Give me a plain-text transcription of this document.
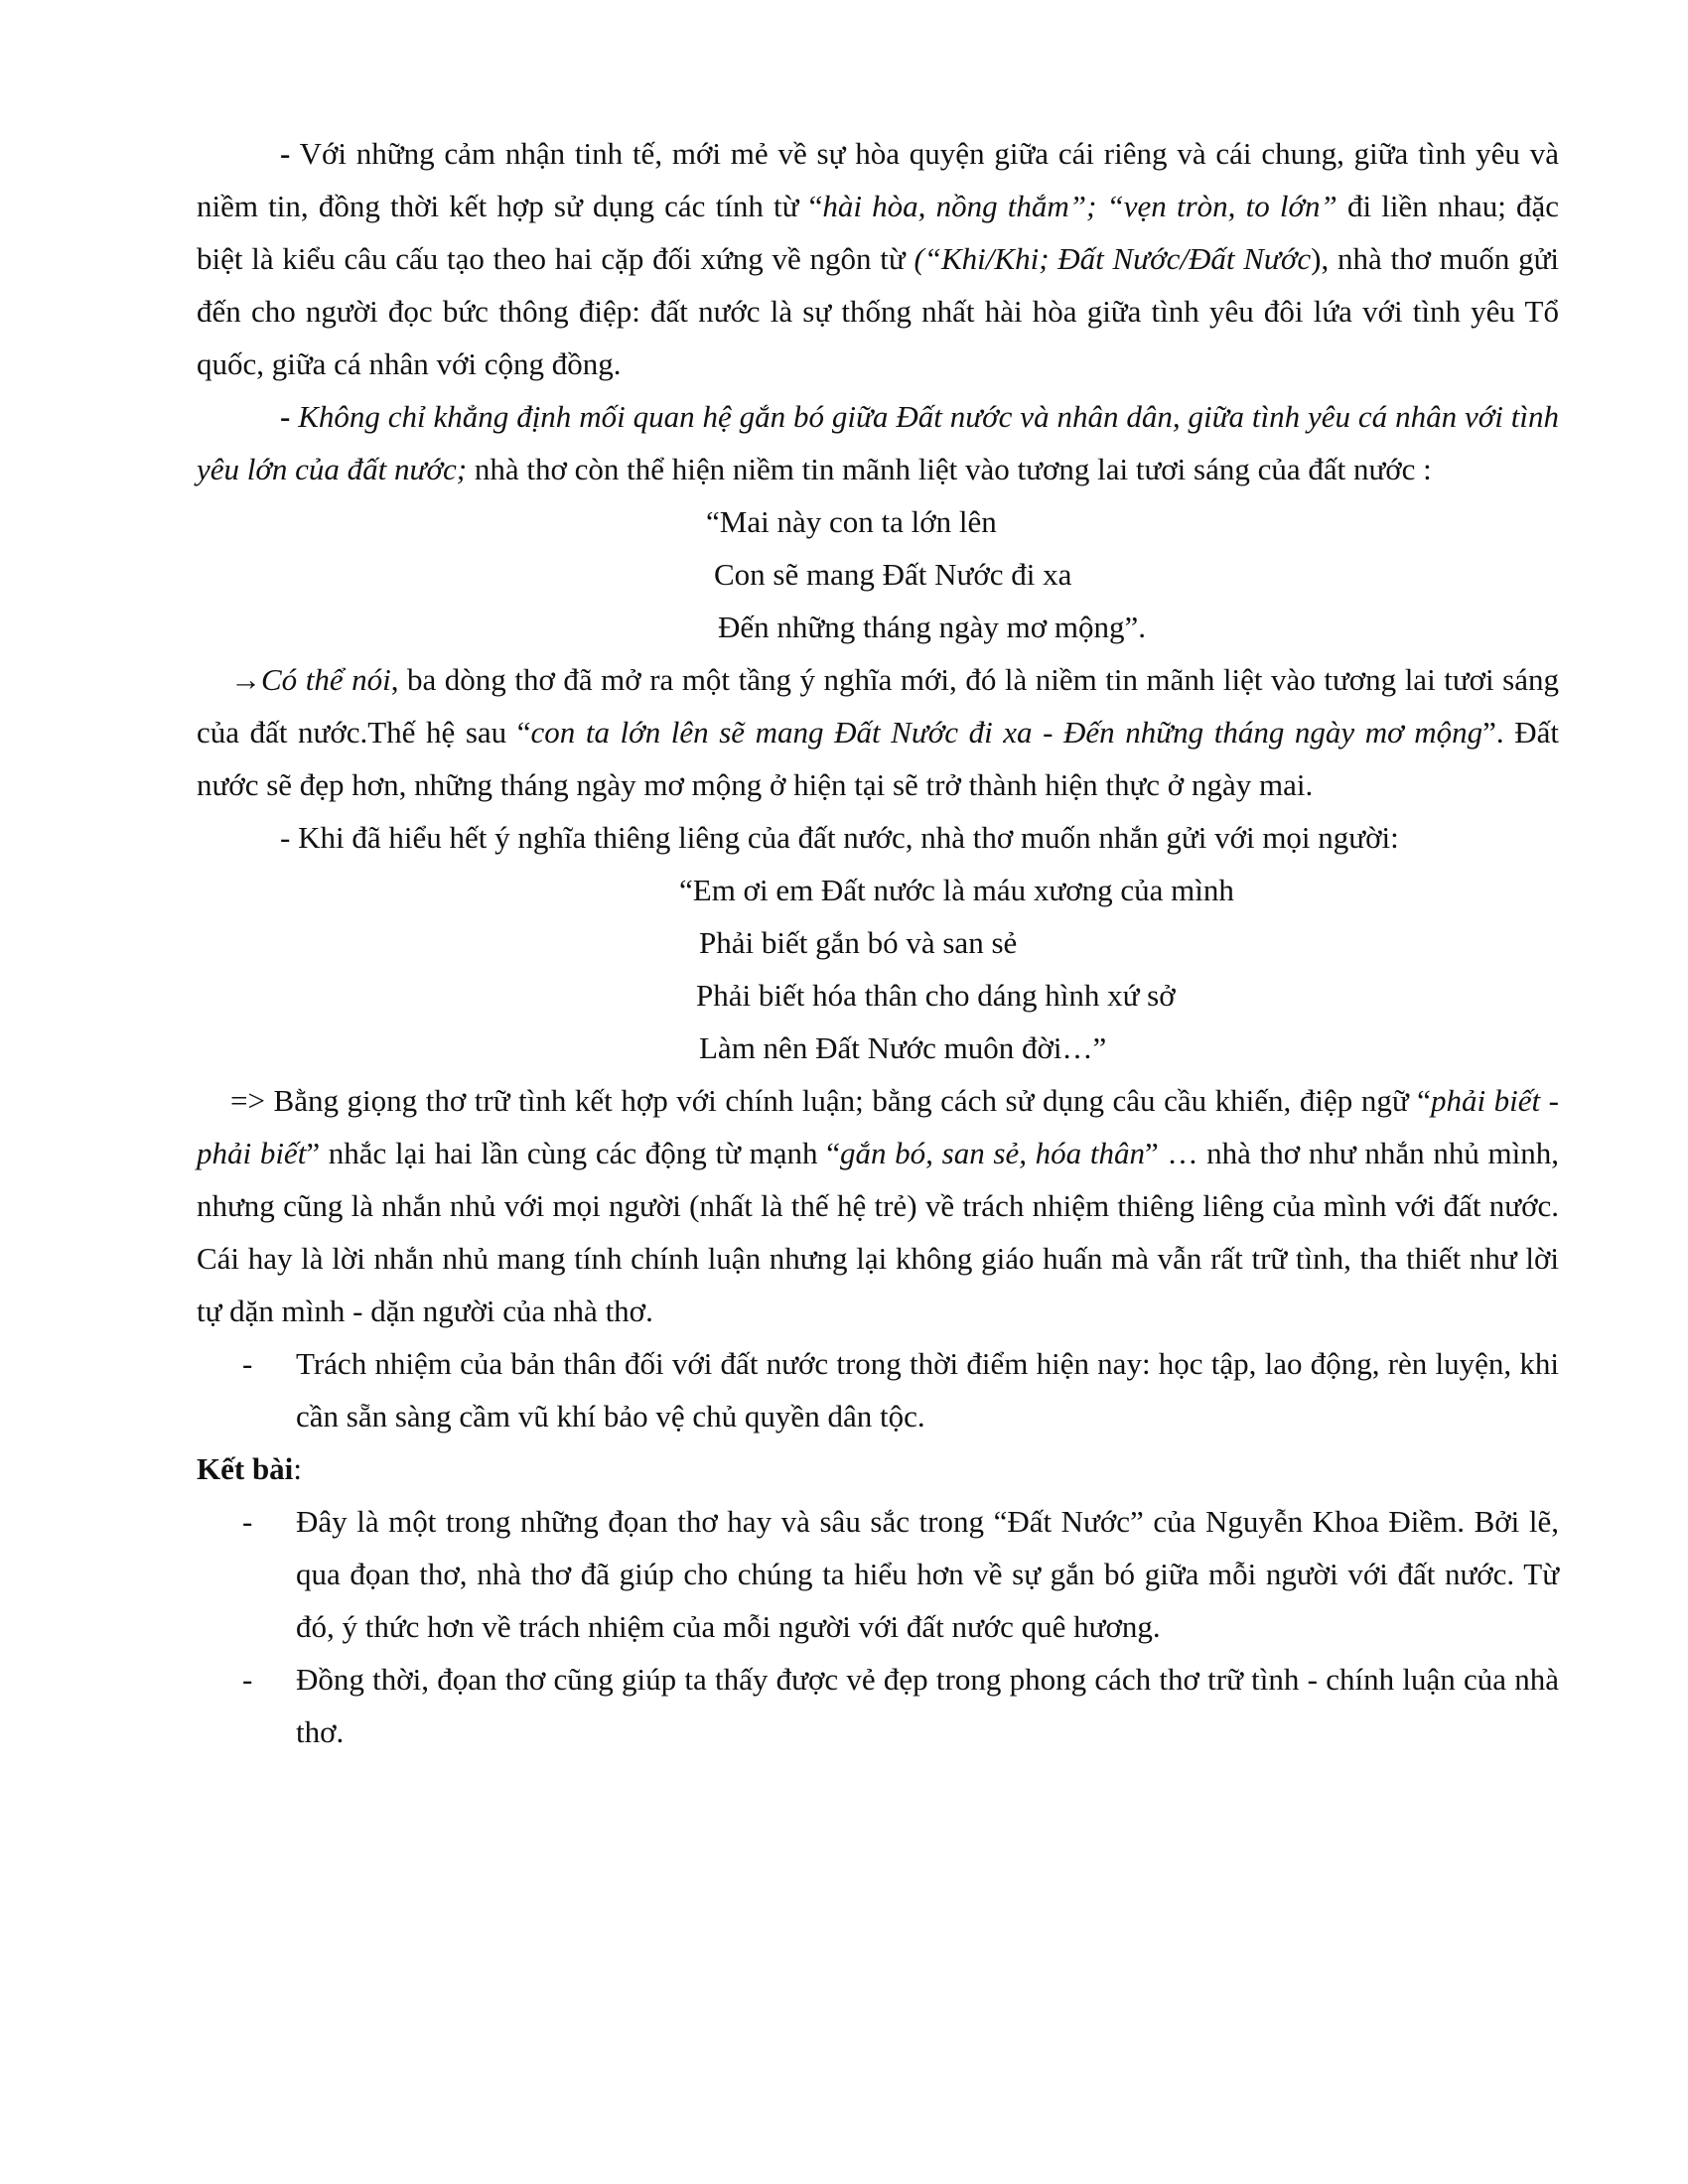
- Với những cảm nhận tinh tế, mới mẻ về sự hòa quyện giữa cái riêng và cái chung, giữa tình yêu và niềm tin, đồng thời kết hợp sử dụng các tính từ “hài hòa, nồng thắm”; “vẹn tròn, to lớn” đi liền nhau; đặc biệt là kiểu câu cấu tạo theo hai cặp đối xứng về ngôn từ (“Khi/Khi; Đất Nước/Đất Nước), nhà thơ muốn gửi đến cho người đọc bức thông điệp: đất nước là sự thống nhất hài hòa giữa tình yêu đôi lứa với tình yêu Tổ quốc, giữa cá nhân với cộng đồng.

- Không chỉ khẳng định mối quan hệ gắn bó giữa Đất nước và nhân dân, giữa tình yêu cá nhân với tình yêu lớn của đất nước; nhà thơ còn thể hiện niềm tin mãnh liệt vào tương lai tươi sáng của đất nước :

“Mai này con ta lớn lên
Con sẽ mang Đất Nước đi xa
Đến những tháng ngày mơ mộng”.

→Có thể nói, ba dòng thơ đã mở ra một tầng ý nghĩa mới, đó là niềm tin mãnh liệt vào tương lai tươi sáng của đất nước.Thế hệ sau “con ta lớn lên sẽ mang Đất Nước đi xa - Đến những tháng ngày mơ mộng”. Đất nước sẽ đẹp hơn, những tháng ngày mơ mộng ở hiện tại sẽ trở thành hiện thực ở ngày mai.

- Khi đã hiểu hết ý nghĩa thiêng liêng của đất nước, nhà thơ muốn nhắn gửi với mọi người:

“Em ơi em Đất nước là máu xương của mình
Phải biết gắn bó và san sẻ
Phải biết hóa thân cho dáng hình xứ sở
Làm nên Đất Nước muôn đời…”

=> Bằng giọng thơ trữ tình kết hợp với chính luận; bằng cách sử dụng câu cầu khiến, điệp ngữ “phải biết - phải biết” nhắc lại hai lần cùng các động từ mạnh “gắn bó, san sẻ, hóa thân” … nhà thơ như nhắn nhủ mình, nhưng cũng là nhắn nhủ với mọi người (nhất là thế hệ trẻ) về trách nhiệm thiêng liêng của mình với đất nước. Cái hay là lời nhắn nhủ mang tính chính luận nhưng lại không giáo huấn mà vẫn rất trữ tình, tha thiết như lời tự dặn mình - dặn người của nhà thơ.

- Trách nhiệm của bản thân đối với đất nước trong thời điểm hiện nay: học tập, lao động, rèn luyện, khi cần sẵn sàng cầm vũ khí bảo vệ chủ quyền dân tộc.

Kết bài:

- Đây là một trong những đọan thơ hay và sâu sắc trong “Đất Nước” của Nguyễn Khoa Điềm. Bởi lẽ, qua đọan thơ, nhà thơ đã giúp cho chúng ta hiểu hơn về sự gắn bó giữa mỗi người với đất nước. Từ đó, ý thức hơn về trách nhiệm của mỗi người với đất nước quê hương.

- Đồng thời, đọan thơ cũng giúp ta thấy được vẻ đẹp trong phong cách thơ trữ tình - chính luận của nhà thơ.
